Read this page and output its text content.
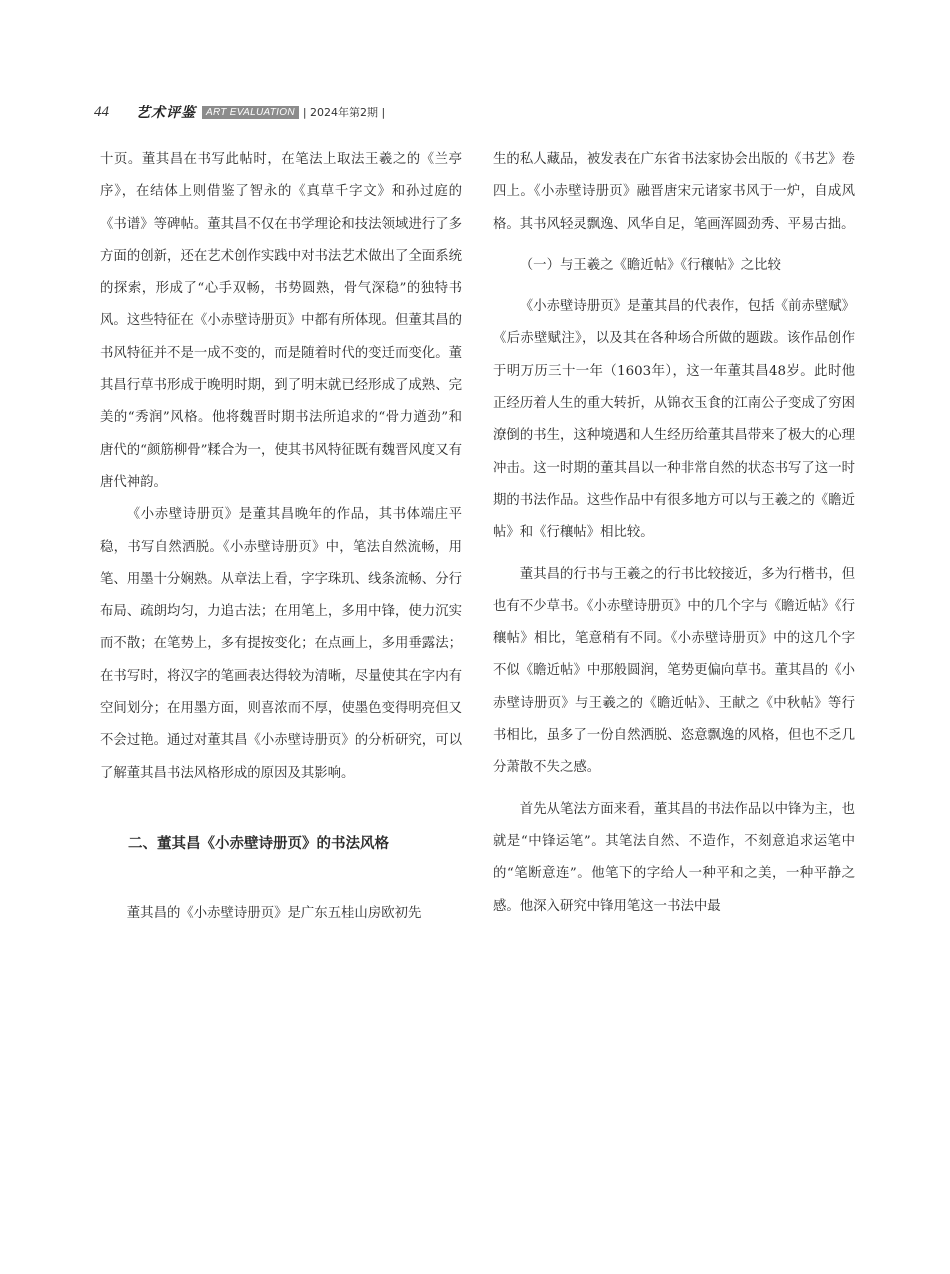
44	艺术评鉴	ART EVALUATION | 2024年第2期 |

十页。董其昌在书写此帖时，在笔法上取法王羲之的《兰亭序》，在结体上则借鉴了智永的《真草千字文》和孙过庭的《书谱》等碑帖。董其昌不仅在书学理论和技法领域进行了多方面的创新，还在艺术创作实践中对书法艺术做出了全面系统的探索，形成了“心手双畅，书势圆熟，骨气深稳”的独特书风。这些特征在《小赤壁诗册页》中都有所体现。但董其昌的书风特征并不是一成不变的，而是随着时代的变迁而变化。董其昌行草书形成于晚明时期，到了明末就已经形成了成熟、完美的“秀润”风格。他将魏晋时期书法所追求的“骨力遒劲”和唐代的“颜筋柳骨”糅合为一，使其书风特征既有魏晋风度又有唐代神韵。

《小赤壁诗册页》是董其昌晚年的作品，其书体端庄平稳，书写自然洒脱。《小赤壁诗册页》中，笔法自然流畅，用笔、用墨十分娴熟。从章法上看，字字珠玑、线条流畅、分行布局、疏朗均匀，力追古法；在用笔上，多用中锋，使力沉实而不散；在笔势上，多有提按变化；在点画上，多用垂露法；在书写时，将汉字的笔画表达得较为清晰，尽量使其在字内有空间划分；在用墨方面，则喜浓而不厚，使墨色变得明亮但又不会过艳。通过对董其昌《小赤壁诗册页》的分析研究，可以了解董其昌书法风格形成的原因及其影响。

二、董其昌《小赤壁诗册页》的书法风格

董其昌的《小赤壁诗册页》是广东五桂山房欧初先

生的私人藏品，被发表在广东省书法家协会出版的《书艺》卷四上。《小赤壁诗册页》融晋唐宋元诸家书风于一炉，自成风格。其书风轻灵飘逸、风华自足，笔画浑圆劲秀、平易古拙。

（一）与王羲之《瞻近帖》《行穰帖》之比较

《小赤壁诗册页》是董其昌的代表作，包括《前赤壁赋》《后赤壁赋注》，以及其在各种场合所做的题跋。该作品创作于明万历三十一年（1603年），这一年董其昌48岁。此时他正经历着人生的重大转折，从锦衣玉食的江南公子变成了穷困潦倒的书生，这种境遇和人生经历给董其昌带来了极大的心理冲击。这一时期的董其昌以一种非常自然的状态书写了这一时期的书法作品。这些作品中有很多地方可以与王羲之的《瞻近帖》和《行穰帖》相比较。

董其昌的行书与王羲之的行书比较接近，多为行楷书，但也有不少草书。《小赤壁诗册页》中的几个字与《瞻近帖》《行穰帖》相比，笔意稍有不同。《小赤壁诗册页》中的这几个字不似《瞻近帖》中那般圆润，笔势更偏向草书。董其昌的《小赤壁诗册页》与王羲之的《瞻近帖》、王献之《中秋帖》等行书相比，虽多了一份自然洒脱、恣意飘逸的风格，但也不乏几分萧散不失之感。

首先从笔法方面来看，董其昌的书法作品以中锋为主，也就是“中锋运笔”。其笔法自然、不造作，不刻意追求运笔中的“笔断意连”。他笔下的字给人一种平和之美，一种平静之感。他深入研究中锋用笔这一书法中最
